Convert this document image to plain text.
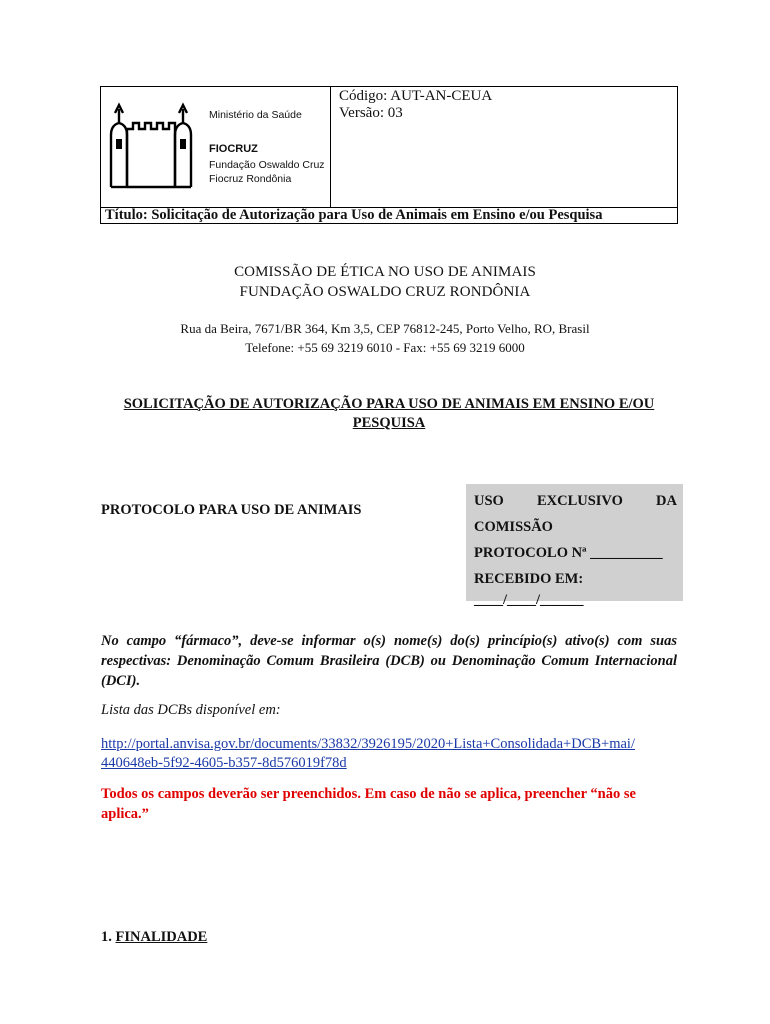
Ministério da Saúde
FIOCRUZ
Fundação Oswaldo Cruz
Fiocruz Rondônia
Código: AUT-AN-CEUA
Versão: 03
Título: Solicitação de Autorização para Uso de Animais em Ensino e/ou Pesquisa
COMISSÃO DE ÉTICA NO USO DE ANIMAIS
FUNDAÇÃO OSWALDO CRUZ RONDÔNIA
Rua da Beira, 7671/BR 364, Km 3,5, CEP 76812-245, Porto Velho, RO, Brasil
Telefone: +55 69 3219 6010 - Fax: +55 69 3219 6000
SOLICITAÇÃO DE AUTORIZAÇÃO PARA USO DE ANIMAIS EM ENSINO E/OU
PESQUISA
PROTOCOLO PARA USO DE ANIMAIS
USO EXCLUSIVO DA
COMISSÃO
PROTOCOLO Nª __________
RECEBIDO EM:
____/____/______
No campo “fármaco”, deve-se informar o(s) nome(s) do(s) princípio(s) ativo(s) com suas respectivas: Denominação Comum Brasileira (DCB) ou Denominação Comum Internacional (DCI).
Lista das DCBs disponível em:
http://portal.anvisa.gov.br/documents/33832/3926195/2020+Lista+Consolidada+DCB+mai/
440648eb-5f92-4605-b357-8d576019f78d
Todos os campos deverão ser preenchidos. Em caso de não se aplica, preencher “não se aplica.”
1. FINALIDADE
